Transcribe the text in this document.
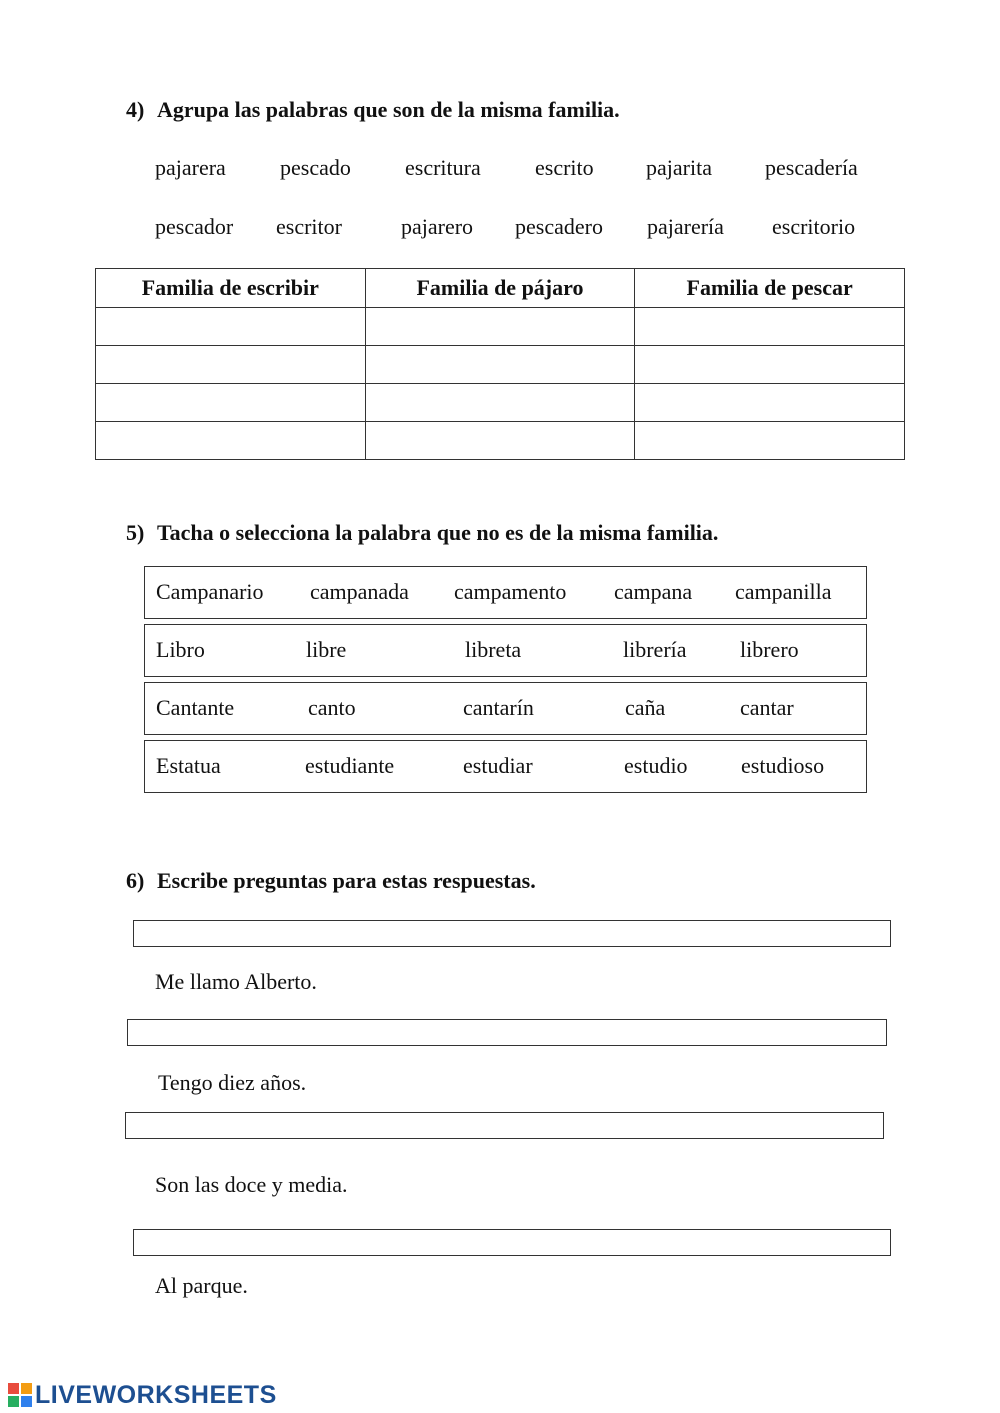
4) Agrupa las palabras que son de la misma familia.
pajarera pescado escritura escrito pajarita pescadería
pescador escritor	pajarero pescadero pajarería escritorio
Familia de escribir	Familia de pájaro	Familia de pescar

5) Tacha o selecciona la palabra que no es de la misma familia.
Campanario campanada campamento campana campanilla
Libro	libre	libreta	librería librero
Cantante	canto	cantarín	caña	cantar
Estatua	estudiante	estudiar	estudio estudioso
6) Escribe preguntas para estas respuestas.
Me llamo Alberto.
Tengo diez años.
Son las doce y media.
Al parque.
LIVEWORKSHEETS
